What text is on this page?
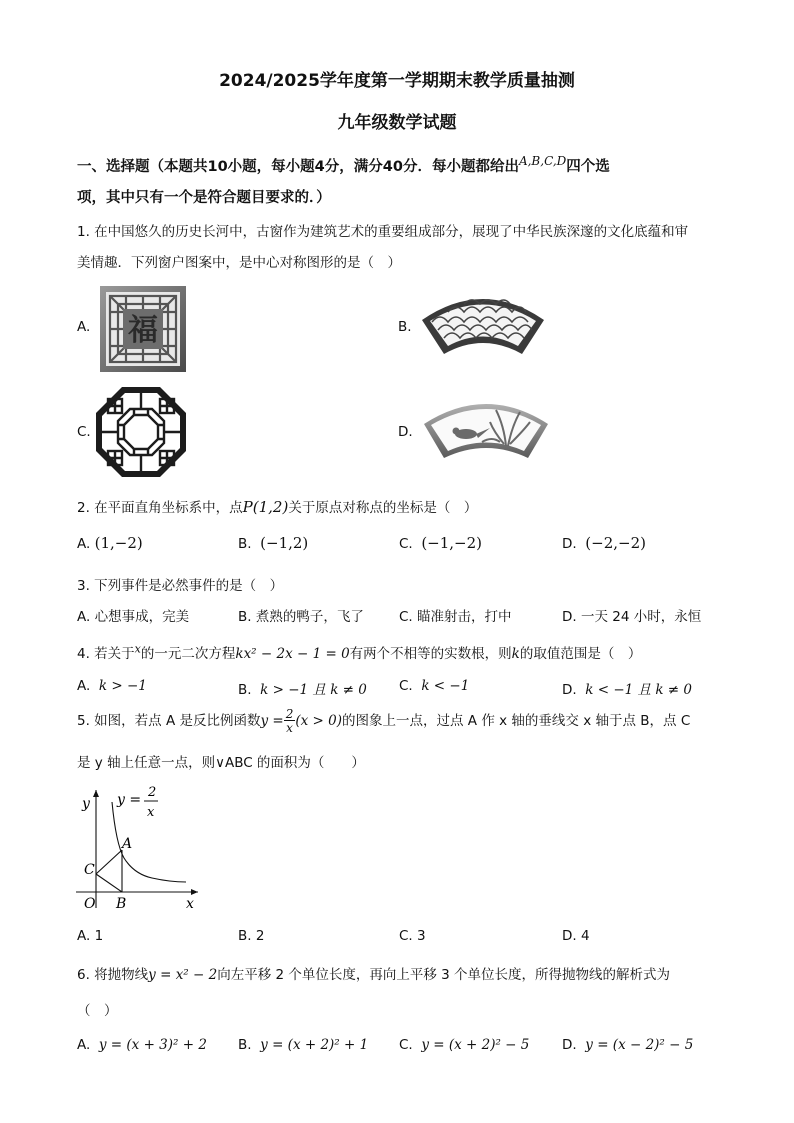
2024/2025学年度第一学期期末教学质量抽测
九年级数学试题
一、选择题（本题共10小题，每小题4分，满分40分．每小题都给出$^{A,B,C,D}$四个选
项，其中只有一个是符合题目要求的．）
1. 在中国悠久的历史长河中，古窗作为建筑艺术的重要组成部分，展现了中华民族深邃的文化底蕴和审
美情趣．下列窗户图案中，是中心对称图形的是（　）
A.	B.
C.	D.
福
2. 在平面直角坐标系中，点P(1,2)关于原点对称点的坐标是（　）
A. (1,−2)	B. (−1,2)	C. (−1,−2)	D. (−2,−2)
3. 下列事件是必然事件的是（　）
A. 心想事成，完美	B. 煮熟的鸭子，飞了	C. 瞄准射击，打中	D. 一天 24 小时，永恒
4. 若关于$^x$的一元二次方程kx² − 2x − 1 = 0有两个不相等的实数根，则k的取值范围是（　）
A. k > −1	B. k > −1 且 k ≠ 0 C. k < −1	D. k < −1 且 k ≠ 0
5. 如图，若点 A 是反比例函数$y = \frac{2}{x} (x > 0)$的图象上一点，过点 A 作 x 轴的垂线交 x 轴于点 B，点 C
是 y 轴上任意一点，则∨ABC 的面积为（　　）
y y = 2
x
A
C
O B	x
A. 1	B. 2	C. 3	D. 4
6. 将抛物线y = x² − 2向左平移 2 个单位长度，再向上平移 3 个单位长度，所得抛物线的解析式为
（　）
A. y = (x + 3)² + 2 B. y = (x + 2)² + 1 C. y = (x + 2)² − 5 D. y = (x − 2)² − 5
